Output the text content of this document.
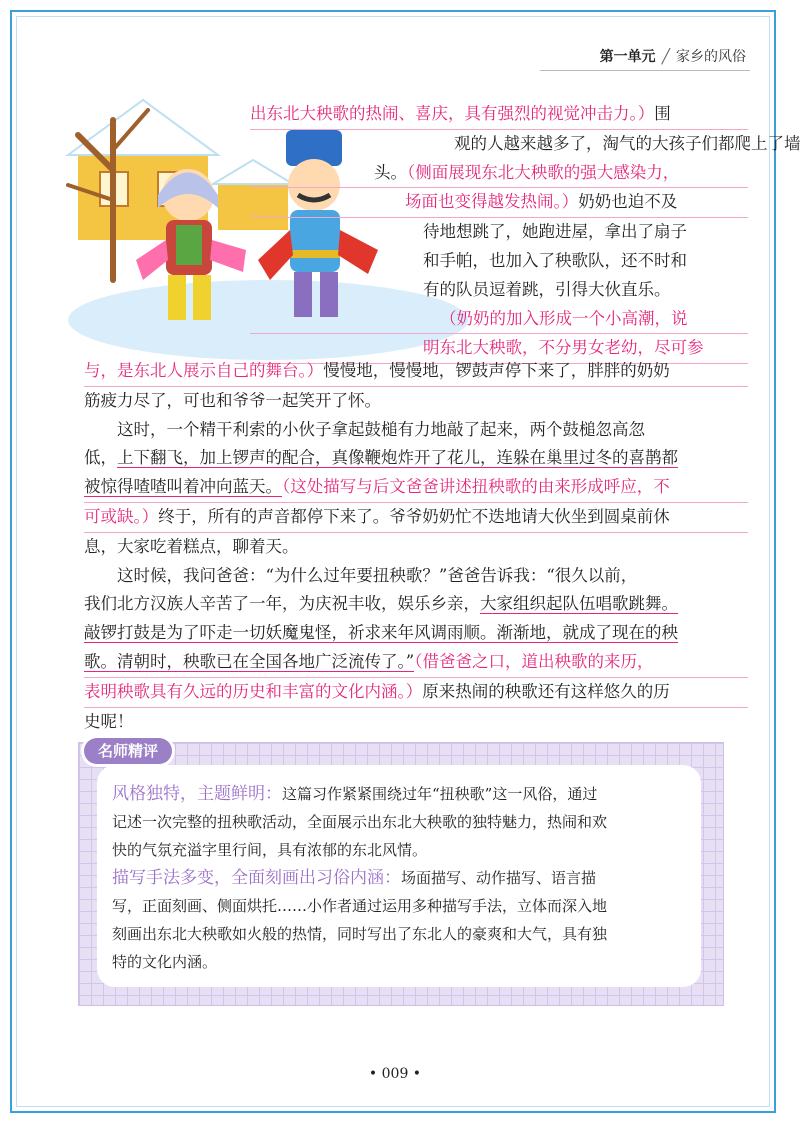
第一单元 ╱ 家乡的风俗
出东北大秧歌的热闹、喜庆，具有强烈的视觉冲击力。）围
观的人越来越多了，淘气的大孩子们都爬上了墙
头。（侧面展现东北大秧歌的强大感染力，
场面也变得越发热闹。）奶奶也迫不及
待地想跳了，她跑进屋，拿出了扇子
和手帕，也加入了秧歌队，还不时和
有的队员逗着跳，引得大伙直乐。
（奶奶的加入形成一个小高潮，说
明东北大秧歌，不分男女老幼，尽可参
与，是东北人展示自己的舞台。）慢慢地，慢慢地，锣鼓声停下来了，胖胖的奶奶
筋疲力尽了，可也和爷爷一起笑开了怀。
这时，一个精干利索的小伙子拿起鼓槌有力地敲了起来，两个鼓槌忽高忽
低，上下翻飞，加上锣声的配合，真像鞭炮炸开了花儿，连躲在巢里过冬的喜鹊都
被惊得喳喳叫着冲向蓝天。（这处描写与后文爸爸讲述扭秧歌的由来形成呼应，不
可或缺。）终于，所有的声音都停下来了。爷爷奶奶忙不迭地请大伙坐到圆桌前休
息，大家吃着糕点，聊着天。
这时候，我问爸爸：“为什么过年要扭秧歌？”爸爸告诉我：“很久以前，
我们北方汉族人辛苦了一年，为庆祝丰收，娱乐乡亲，大家组织起队伍唱歌跳舞。
敲锣打鼓是为了吓走一切妖魔鬼怪，祈求来年风调雨顺。渐渐地，就成了现在的秧
歌。清朝时，秧歌已在全国各地广泛流传了。”（借爸爸之口，道出秧歌的来历，
表明秧歌具有久远的历史和丰富的文化内涵。）原来热闹的秧歌还有这样悠久的历
史呢！
名师精评
风格独特，主题鲜明：这篇习作紧紧围绕过年“扭秧歌”这一风俗，通过
记述一次完整的扭秧歌活动，全面展示出东北大秧歌的独特魅力，热闹和欢
快的气氛充溢字里行间，具有浓郁的东北风情。
描写手法多变，全面刻画出习俗内涵：场面描写、动作描写、语言描
写，正面刻画、侧面烘托……小作者通过运用多种描写手法，立体而深入地
刻画出东北大秧歌如火般的热情，同时写出了东北人的豪爽和大气，具有独
特的文化内涵。
• 009 •
